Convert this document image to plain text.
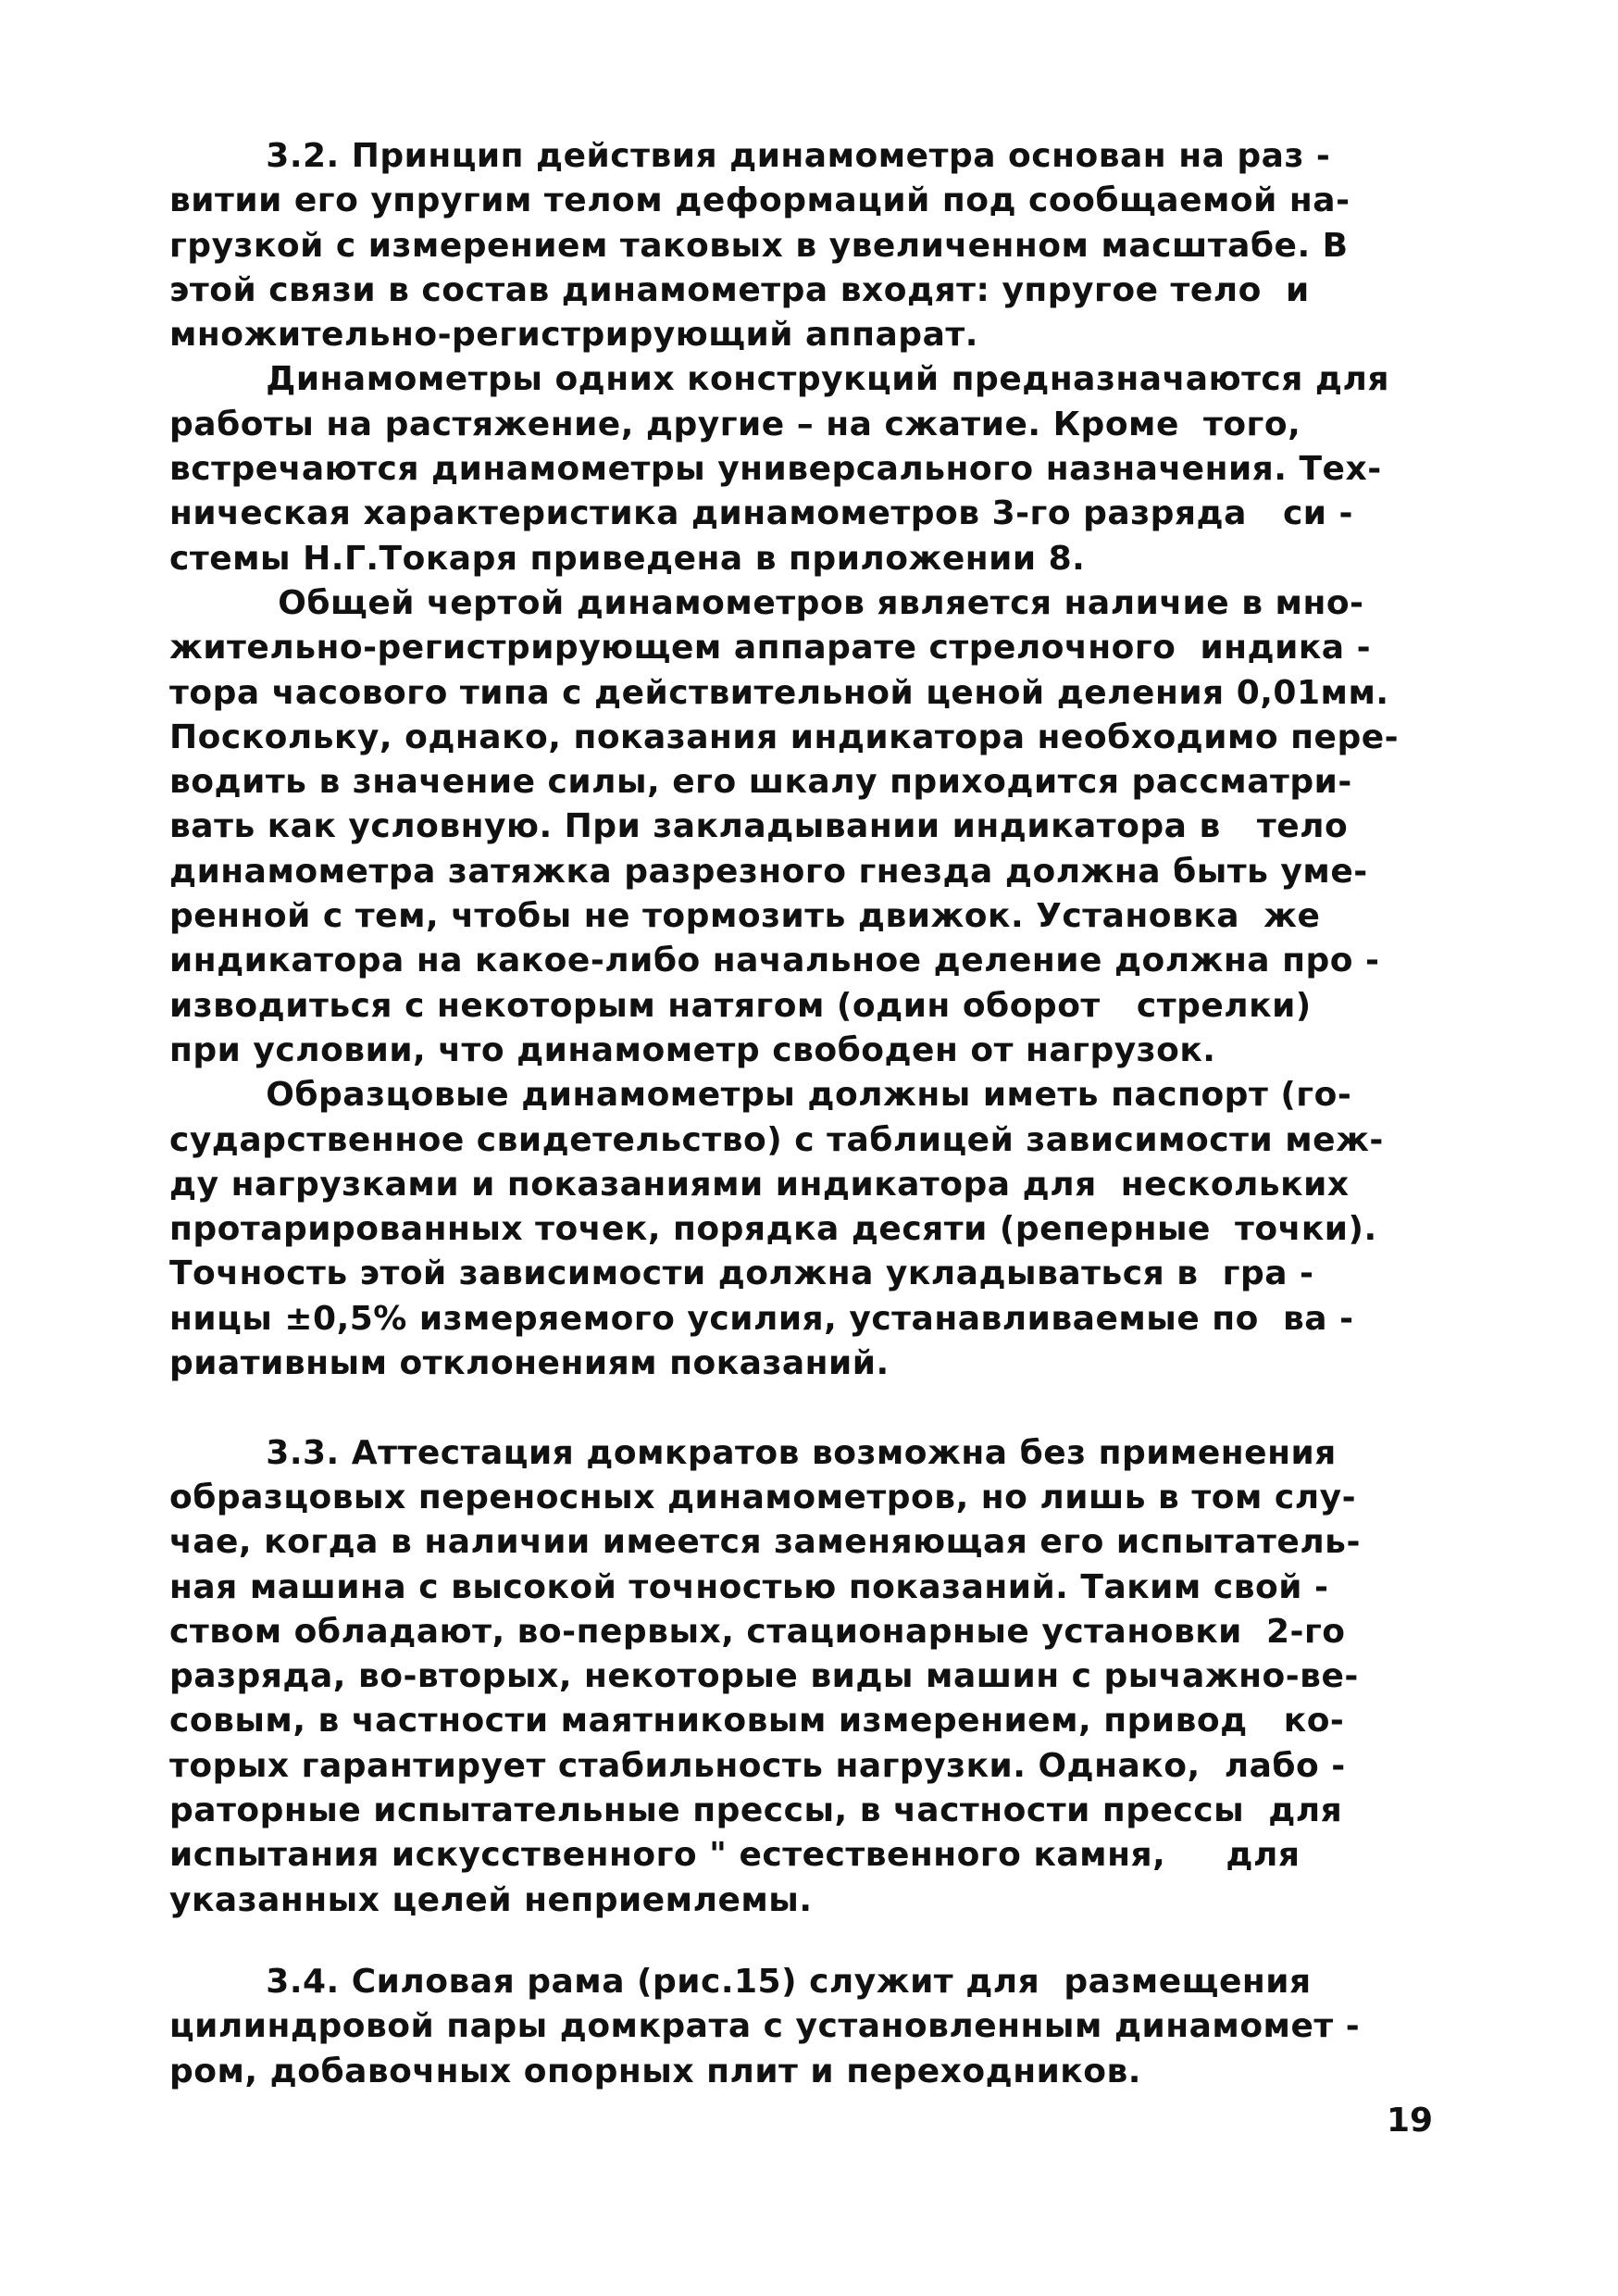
3.2. Принцип действия динамометра основан на раз -
витии его упругим телом деформаций под сообщаемой на-
грузкой с измерением таковых в увеличенном масштабе. В
этой связи в состав динамометра входят: упругое тело  и
множительно-регистрирующий аппарат.
Динамометры одних конструкций предназначаются для
работы на растяжение, другие – на сжатие. Кроме  того,
встречаются динамометры универсального назначения. Тех-
ническая характеристика динамометров 3-го разряда   си -
стемы Н.Г.Токаря приведена в приложении 8.
Общей чертой динамометров является наличие в мно-
жительно-регистрирующем аппарате стрелочного  индика -
тора часового типа с действительной ценой деления 0,01мм.
Поскольку, однако, показания индикатора необходимо пере-
водить в значение силы, его шкалу приходится рассматри-
вать как условную. При закладывании индикатора в   тело
динамометра затяжка разрезного гнезда должна быть уме-
ренной с тем, чтобы не тормозить движок. Установка  же
индикатора на какое-либо начальное деление должна про -
изводиться с некоторым натягом (один оборот   стрелки)
при условии, что динамометр свободен от нагрузок.
Образцовые динамометры должны иметь паспорт (го-
сударственное свидетельство) с таблицей зависимости меж-
ду нагрузками и показаниями индикатора для  нескольких
протарированных точек, порядка десяти (реперные  точки).
Точность этой зависимости должна укладываться в  гра -
ницы ±0,5% измеряемого усилия, устанавливаемые по  ва -
риативным отклонениям показаний.
3.3. Аттестация домкратов возможна без применения
образцовых переносных динамометров, но лишь в том слу-
чае, когда в наличии имеется заменяющая его испытатель-
ная машина с высокой точностью показаний. Таким свой -
ством обладают, во-первых, стационарные установки  2-го
разряда, во-вторых, некоторые виды машин с рычажно-ве-
совым, в частности маятниковым измерением, привод   ко-
торых гарантирует стабильность нагрузки. Однако,  лабо -
раторные испытательные прессы, в частности прессы  для
испытания искусственного " естественного камня,     для
указанных целей неприемлемы.
3.4. Силовая рама (рис.15) служит для  размещения
цилиндровой пары домкрата с установленным динамомет -
ром, добавочных опорных плит и переходников.
19
